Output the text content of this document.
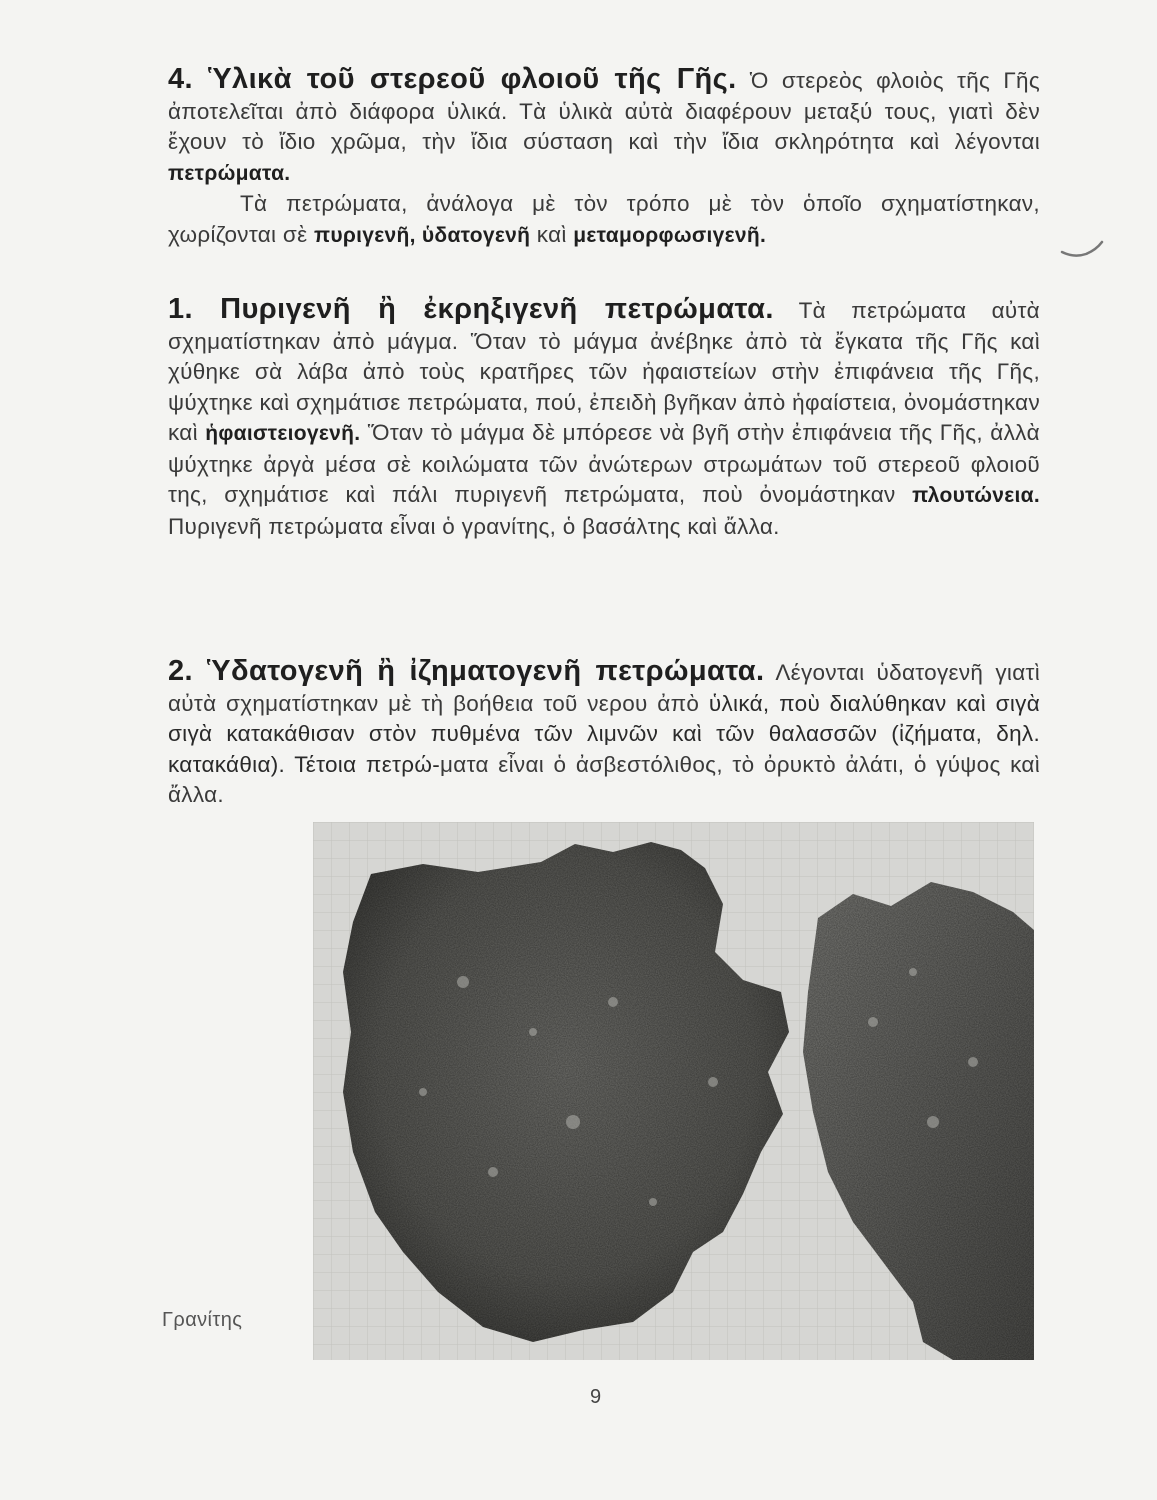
4. Ὑλικὰ τοῦ στερεοῦ φλοιοῦ τῆς Γῆς. Ὁ στερεὸς φλοιὸς τῆς Γῆς ἀποτελεῖται ἀπὸ διάφορα ὑλικά. Τὰ ὑλικὰ αὐτὰ διαφέρουν μεταξύ τους, γιατὶ δὲν ἔχουν τὸ ἴδιο χρῶμα, τὴν ἴδια σύσταση καὶ τὴν ἴδια σκληρότητα καὶ λέγονται πετρώματα.

Τὰ πετρώματα, ἀνάλογα μὲ τὸν τρόπο μὲ τὸν ὁποῖο σχηματίστηκαν, χωρίζονται σὲ πυριγενῆ, ὑδατογενῆ καὶ μεταμορφωσιγενῆ.

1. Πυριγενῆ ἢ ἐκρηξιγενῆ πετρώματα. Τὰ πετρώματα αὐτὰ σχηματίστηκαν ἀπὸ μάγμα. Ὅταν τὸ μάγμα ἀνέβηκε ἀπὸ τὰ ἔγκατα τῆς Γῆς καὶ χύθηκε σὰ λάβα ἀπὸ τοὺς κρατῆρες τῶν ἡφαιστείων στὴν ἐπιφάνεια τῆς Γῆς, ψύχτηκε καὶ σχημάτισε πετρώματα, πού, ἐπειδὴ βγῆκαν ἀπὸ ἡφαίστεια, ὀνομάστηκαν καὶ ἡφαιστειογενῆ. Ὅταν τὸ μάγμα δὲ μπόρεσε νὰ βγῆ στὴν ἐπιφάνεια τῆς Γῆς, ἀλλὰ ψύχτηκε ἀργὰ μέσα σὲ κοιλώματα τῶν ἀνώτερων στρωμάτων τοῦ στερεοῦ φλοιοῦ της, σχημάτισε καὶ πάλι πυριγενῆ πετρώματα, ποὺ ὀνομάστηκαν πλουτώνεια. Πυριγενῆ πετρώματα εἶναι ὁ γρανίτης, ὁ βασάλτης καὶ ἄλλα.

2. Ὑδατογενῆ ἢ ἰζηματογενῆ πετρώματα. Λέγονται ὑδατογενῆ γιατὶ αὐτὰ σχηματίστηκαν μὲ τὴ βοήθεια τοῦ νερου ἀπὸ ὑλικά, ποὺ διαλύθηκαν καὶ σιγὰ σιγὰ κατακάθισαν στὸν πυθμένα τῶν λιμνῶν καὶ τῶν θαλασσῶν (ἰζήματα, δηλ. κατακάθια). Τέτοια πετρώ-ματα εἶναι ὁ ἀσβεστόλιθος, τὸ ὀρυκτὸ ἀλάτι, ὁ γύψος καὶ ἄλλα.

Γρανίτης
9
